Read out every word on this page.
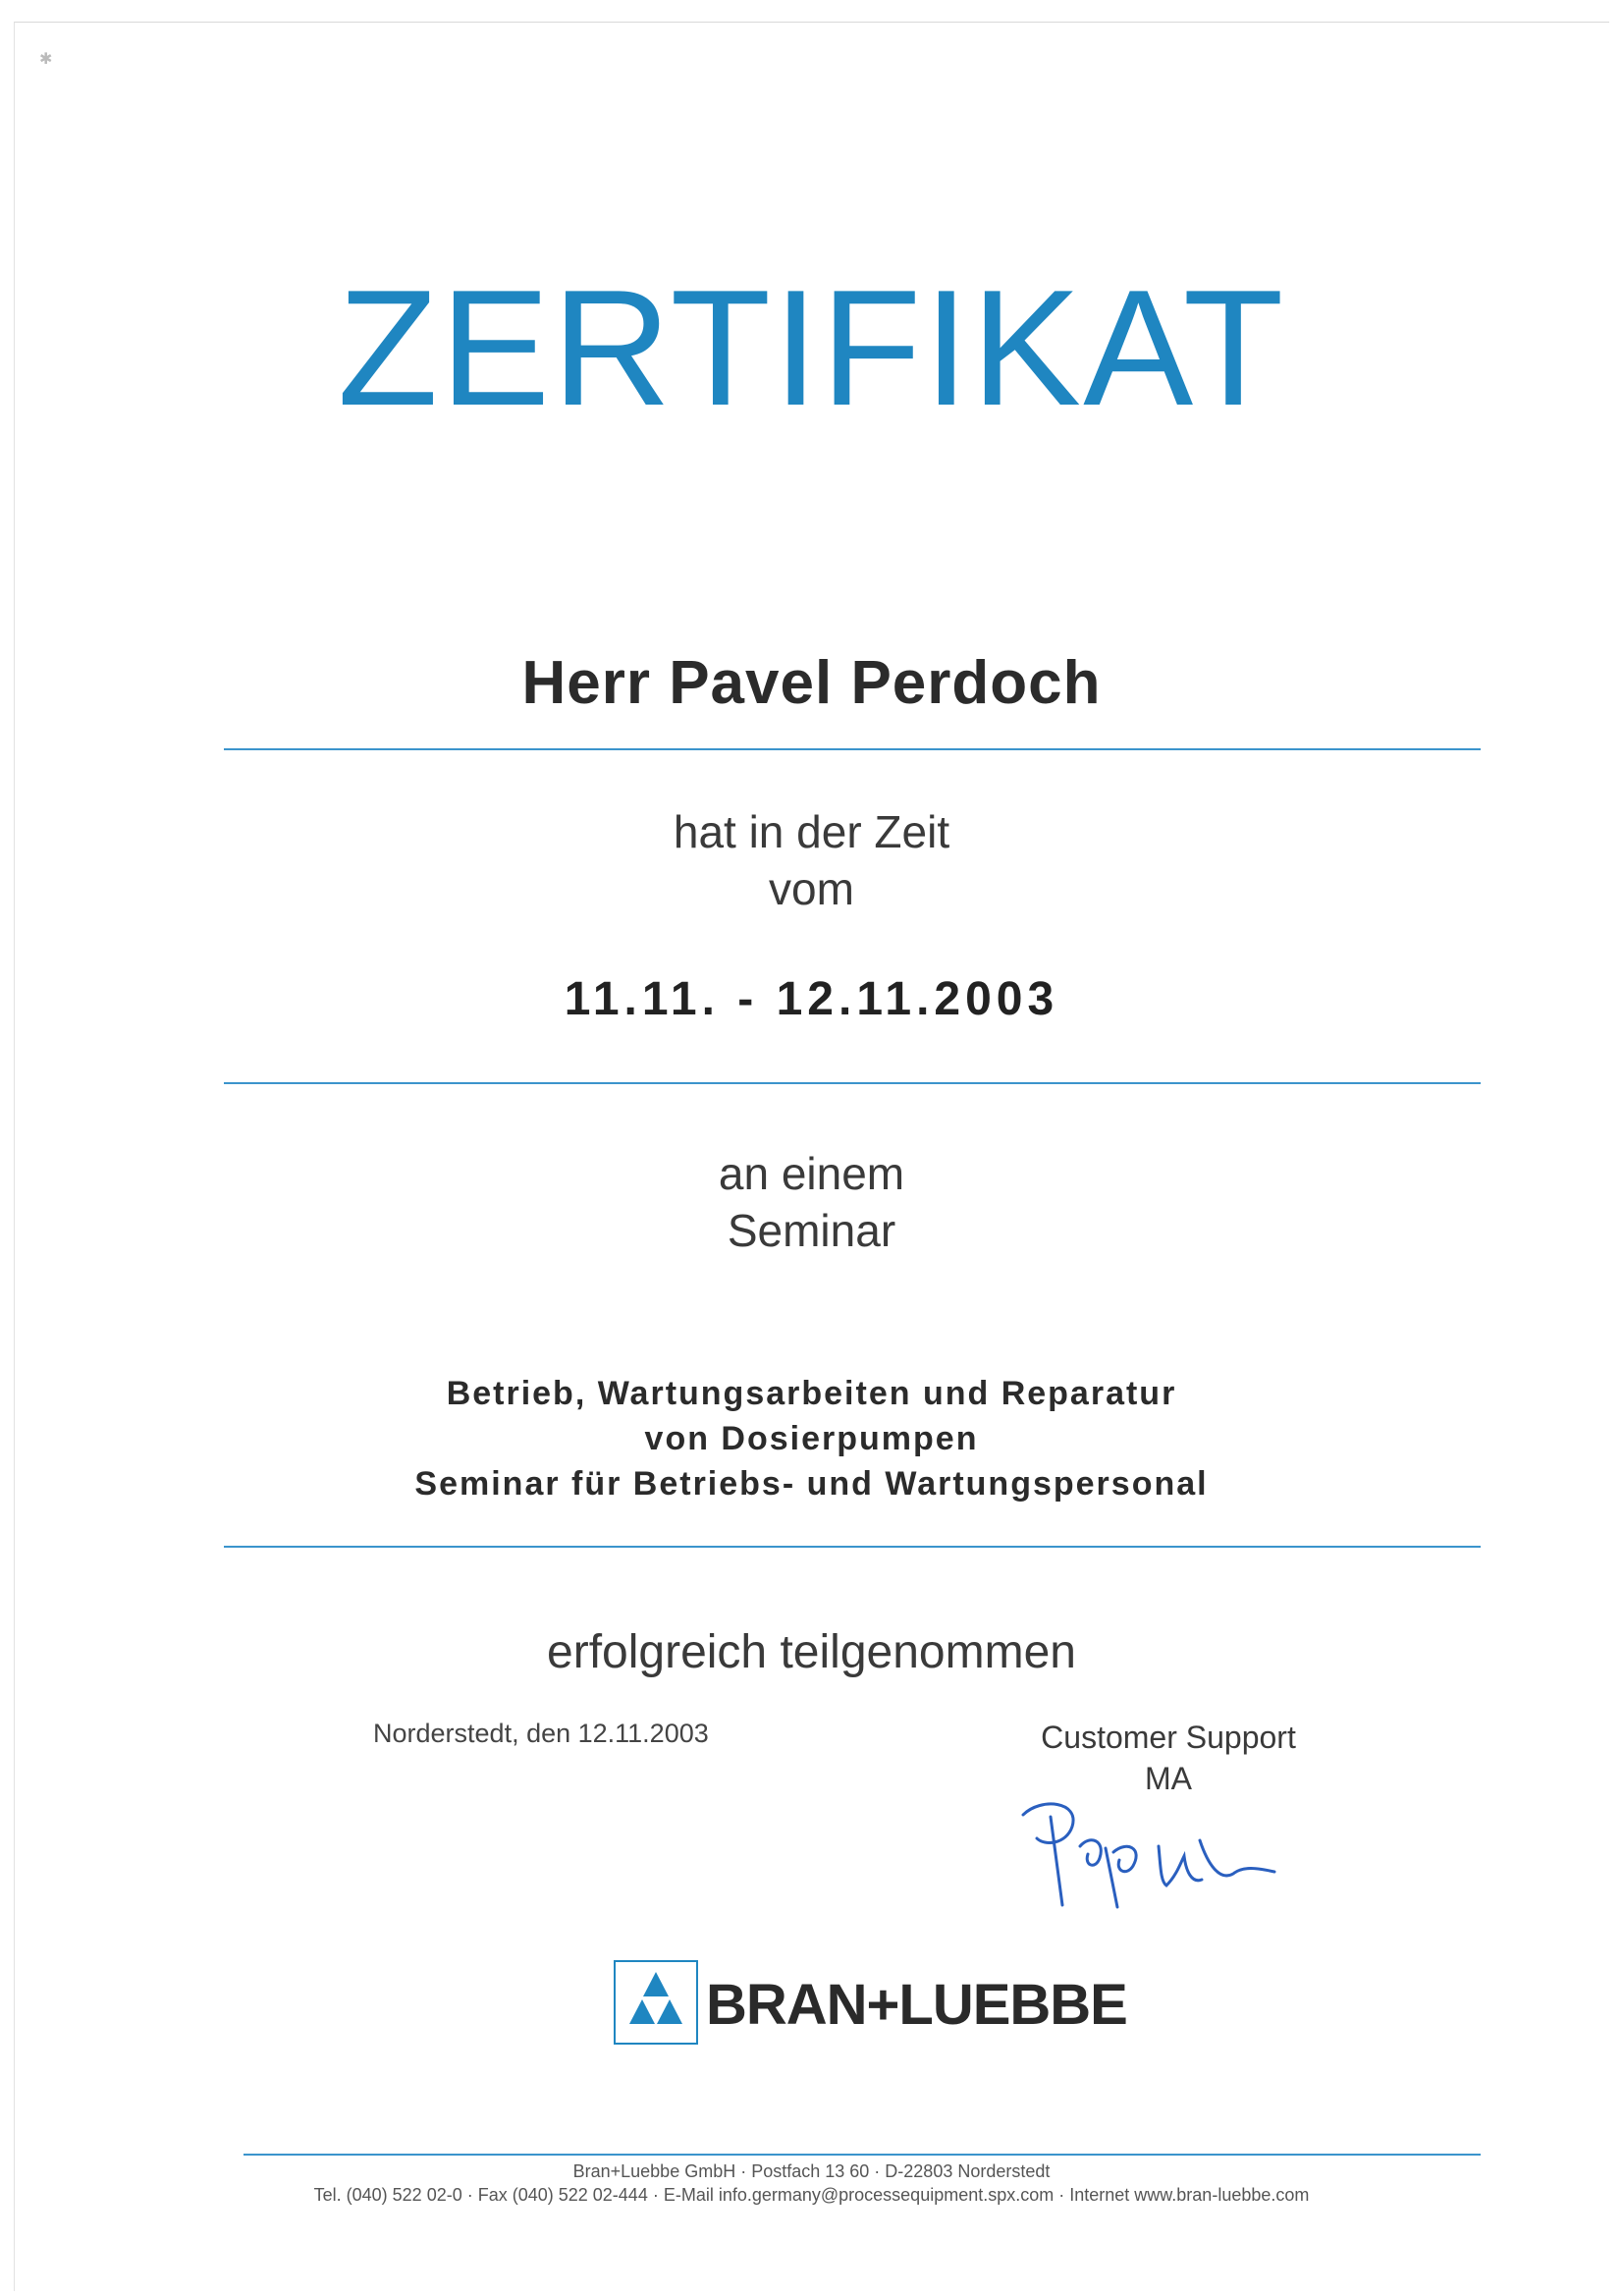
✱
ZERTIFIKAT
Herr Pavel Perdoch
hat in der Zeit
vom
11.11. - 12.11.2003
an einem
Seminar
Betrieb, Wartungsarbeiten und Reparatur
von Dosierpumpen
Seminar für Betriebs- und Wartungspersonal
erfolgreich teilgenommen
Norderstedt, den 12.11.2003	Customer Support
MA
BRAN+LUEBBE
Bran+Luebbe GmbH · Postfach 13 60 · D-22803 Norderstedt
Tel. (040) 522 02-0 · Fax (040) 522 02-444 · E-Mail info.germany@processequipment.spx.com · Internet www.bran-luebbe.com
